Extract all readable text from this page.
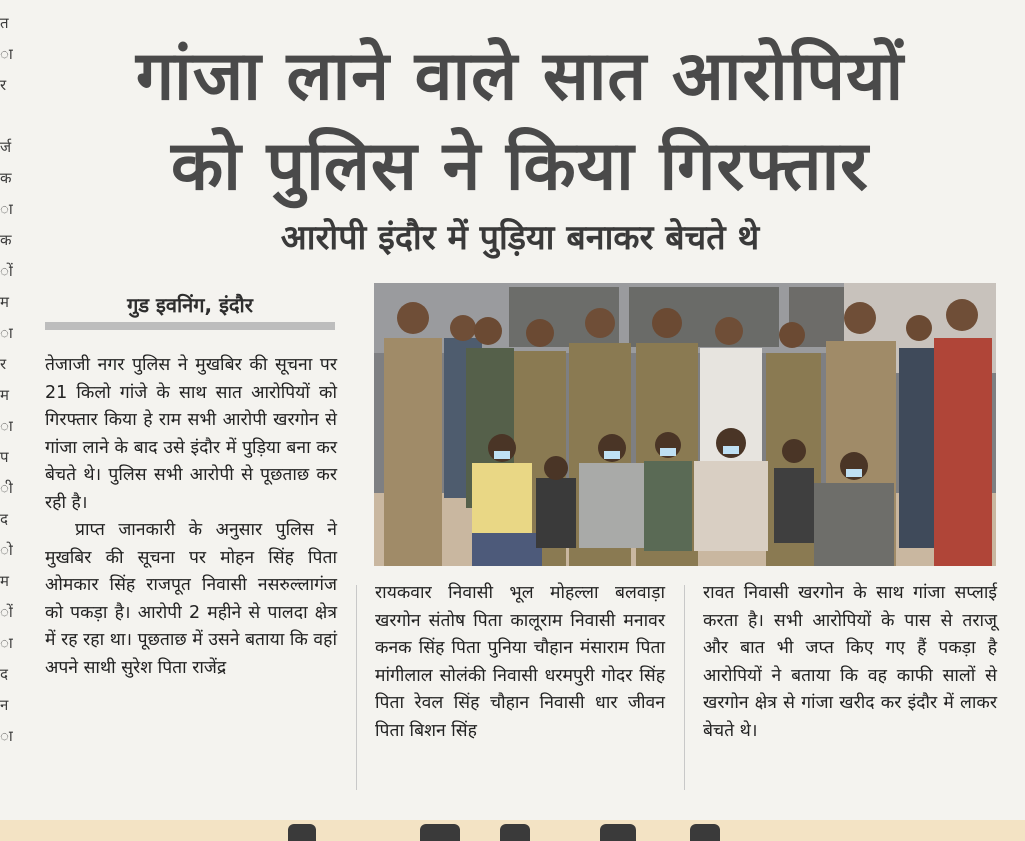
त
ा
र
र्ज
क
ा
क
ों
म
ा
र
म
ा
प
ी
द
ो
म
ों
ा
द
न
ा
गांजा लाने वाले सात आरोपियों
को पुलिस ने किया गिरफ्तार
आरोपी इंदौर में पुड़िया बनाकर बेचते थे
गुड इवनिंग, इंदौर

तेजाजी नगर पुलिस ने मुखबिर की सूचना पर 21 किलो गांजे के साथ सात आरोपियों को गिरफ्तार किया हे राम सभी आरोपी खरगोन से गांजा लाने के बाद उसे इंदौर में पुड़िया बना कर बेचते थे। पुलिस सभी आरोपी से पूछताछ कर रही है।

प्राप्त जानकारी के अनुसार पुलिस ने मुखबिर की सूचना पर मोहन सिंह पिता ओमकार सिंह राजपूत निवासी नसरुल्लागंज को पकड़ा है। आरोपी 2 महीने से पालदा क्षेत्र में रह रहा था। पूछताछ में उसने बताया कि वहां अपने साथी सुरेश पिता राजेंद्र

रायकवार निवासी भूल मोहल्ला बलवाड़ा खरगोन संतोष पिता कालूराम निवासी मनावर कनक सिंह पिता पुनिया चौहान मंसाराम पिता मांगीलाल सोलंकी निवासी धरमपुरी गोदर सिंह पिता रेवल सिंह चौहान निवासी धार जीवन पिता बिशन सिंह

रावत निवासी खरगोन के साथ गांजा सप्लाई करता है। सभी आरोपियों के पास से तराजू और बात भी जप्त किए गए हैं पकड़ा है आरोपियों ने बताया कि वह काफी सालों से खरगोन क्षेत्र से गांजा खरीद कर इंदौर में लाकर बेचते थे।
